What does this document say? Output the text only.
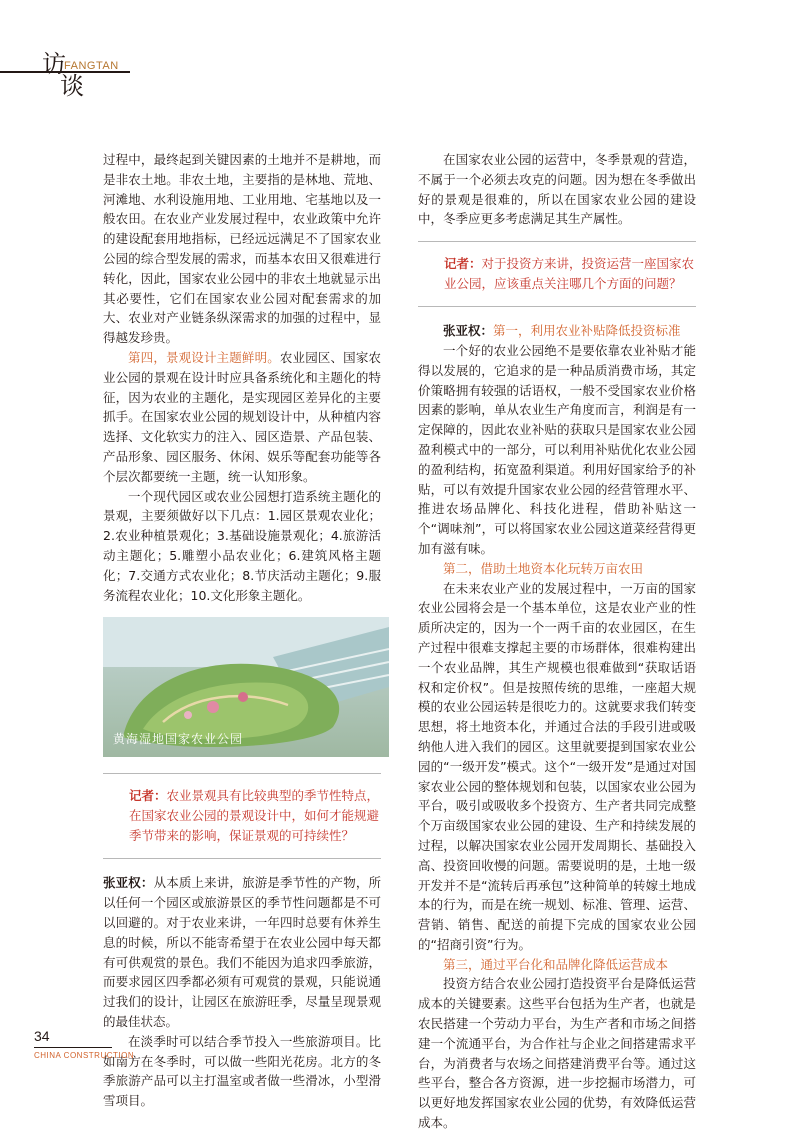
访
FANGTAN
谈

过程中，最终起到关键因素的土地并不是耕地，而是非农土地。非农土地，主要指的是林地、荒地、河滩地、水利设施用地、工业用地、宅基地以及一般农田。在农业产业发展过程中，农业政策中允许的建设配套用地指标，已经远远满足不了国家农业公园的综合型发展的需求，而基本农田又很难进行转化，因此，国家农业公园中的非农土地就显示出其必要性，它们在国家农业公园对配套需求的加大、农业对产业链条纵深需求的加强的过程中，显得越发珍贵。

第四，景观设计主题鲜明。农业园区、国家农业公园的景观在设计时应具备系统化和主题化的特征，因为农业的主题化，是实现园区差异化的主要抓手。在国家农业公园的规划设计中，从种植内容选择、文化软实力的注入、园区造景、产品包装、产品形象、园区服务、休闲、娱乐等配套功能等各个层次都要统一主题，统一认知形象。

一个现代园区或农业公园想打造系统主题化的景观，主要须做好以下几点：1.园区景观农业化；2.农业种植景观化；3.基础设施景观化；4.旅游活动主题化；5.雕塑小品农业化；6.建筑风格主题化；7.交通方式农业化；8.节庆活动主题化；9.服务流程农业化；10.文化形象主题化。

黄海湿地国家农业公园
记者：农业景观具有比较典型的季节性特点，在国家农业公园的景观设计中，如何才能规避季节带来的影响，保证景观的可持续性？

张亚权：从本质上来讲，旅游是季节性的产物，所以任何一个园区或旅游景区的季节性问题都是不可以回避的。对于农业来讲，一年四时总要有休养生息的时候，所以不能寄希望于在农业公园中每天都有可供观赏的景色。我们不能因为追求四季旅游，而要求园区四季都必须有可观赏的景观，只能说通过我们的设计，让园区在旅游旺季，尽量呈现景观的最佳状态。

在淡季时可以结合季节投入一些旅游项目。比如南方在冬季时，可以做一些阳光花房。北方的冬季旅游产品可以主打温室或者做一些滑冰，小型滑雪项目。

在国家农业公园的运营中，冬季景观的营造，不属于一个必须去攻克的问题。因为想在冬季做出好的景观是很难的，所以在国家农业公园的建设中，冬季应更多考虑满足其生产属性。

记者：对于投资方来讲，投资运营一座国家农业公园，应该重点关注哪几个方面的问题？

张亚权：第一，利用农业补贴降低投资标准

一个好的农业公园绝不是要依靠农业补贴才能得以发展的，它追求的是一种品质消费市场，其定价策略拥有较强的话语权，一般不受国家农业价格因素的影响，单从农业生产角度而言，利润是有一定保障的，因此农业补贴的获取只是国家农业公园盈利模式中的一部分，可以利用补贴优化农业公园的盈利结构，拓宽盈利渠道。利用好国家给予的补贴，可以有效提升国家农业公园的经营管理水平、推进农场品牌化、科技化进程，借助补贴这一个“调味剂”，可以将国家农业公园这道菜经营得更加有滋有味。

第二，借助土地资本化玩转万亩农田

在未来农业产业的发展过程中，一万亩的国家农业公园将会是一个基本单位，这是农业产业的性质所决定的，因为一个一两千亩的农业园区，在生产过程中很难支撑起主要的市场群体，很难构建出一个农业品牌，其生产规模也很难做到“获取话语权和定价权”。但是按照传统的思维，一座超大规模的农业公园运转是很吃力的。这就要求我们转变思想，将土地资本化，并通过合法的手段引进或吸纳他人进入我们的园区。这里就要提到国家农业公园的“一级开发”模式。这个“一级开发”是通过对国家农业公园的整体规划和包装，以国家农业公园为平台，吸引或吸收多个投资方、生产者共同完成整个万亩级国家农业公园的建设、生产和持续发展的过程，以解决国家农业公园开发周期长、基础投入高、投资回收慢的问题。需要说明的是，土地一级开发并不是“流转后再承包”这种简单的转嫁土地成本的行为，而是在统一规划、标准、管理、运营、营销、销售、配送的前提下完成的国家农业公园的“招商引资”行为。

第三，通过平台化和品牌化降低运营成本

投资方结合农业公园打造投资平台是降低运营成本的关键要素。这些平台包括为生产者，也就是农民搭建一个劳动力平台，为生产者和市场之间搭建一个流通平台，为合作社与企业之间搭建需求平台，为消费者与农场之间搭建消费平台等。通过这些平台，整合各方资源，进一步挖掘市场潜力，可以更好地发挥国家农业公园的优势，有效降低运营成本。

34
CHINA CONSTRUCTION
